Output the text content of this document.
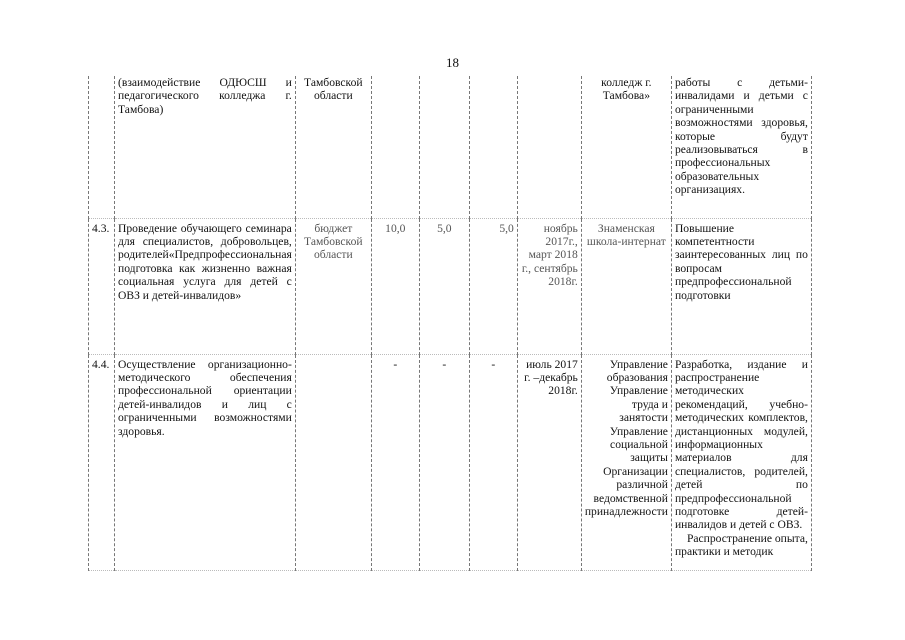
18

	(взаимодействие ОДЮСШ и педагогического колледжа г. Тамбова)	Тамбовской области					колледж г. Тамбова»	работы с детьми-инвалидами и детьми с ограниченными возможностями здоровья, которые будут реализовываться в профессиональных образовательных организациях.

4.3.	Проведение обучающего семинара для специалистов, добровольцев, родителей«Предпрофессиональная подготовка как жизненно важная социальная услуга для детей с ОВЗ и детей-инвалидов»	бюджет Тамбовской области	10,0	5,0	5,0	ноябрь 2017г., март 2018 г., сентябрь 2018г.	Знаменская школа-интернат	Повышение компетентности заинтересованных лиц по вопросам предпрофессиональной подготовки

4.4.	Осуществление организационно-методического обеспечения профессиональной ориентации детей-инвалидов и лиц с ограниченными возможностями здоровья.		-	-	-	июль 2017 г. –декабрь 2018г.	Управление образования Управление труда и занятости Управление социальной защиты Организации различной ведомственной принадлежности	Разработка, издание и распространение методических рекомендаций, учебно-методических комплектов, дистанционных модулей, информационных материалов для специалистов, родителей, детей по предпрофессиональной подготовке детей-инвалидов и детей с ОВЗ.
Распространение опыта, практики и методик
